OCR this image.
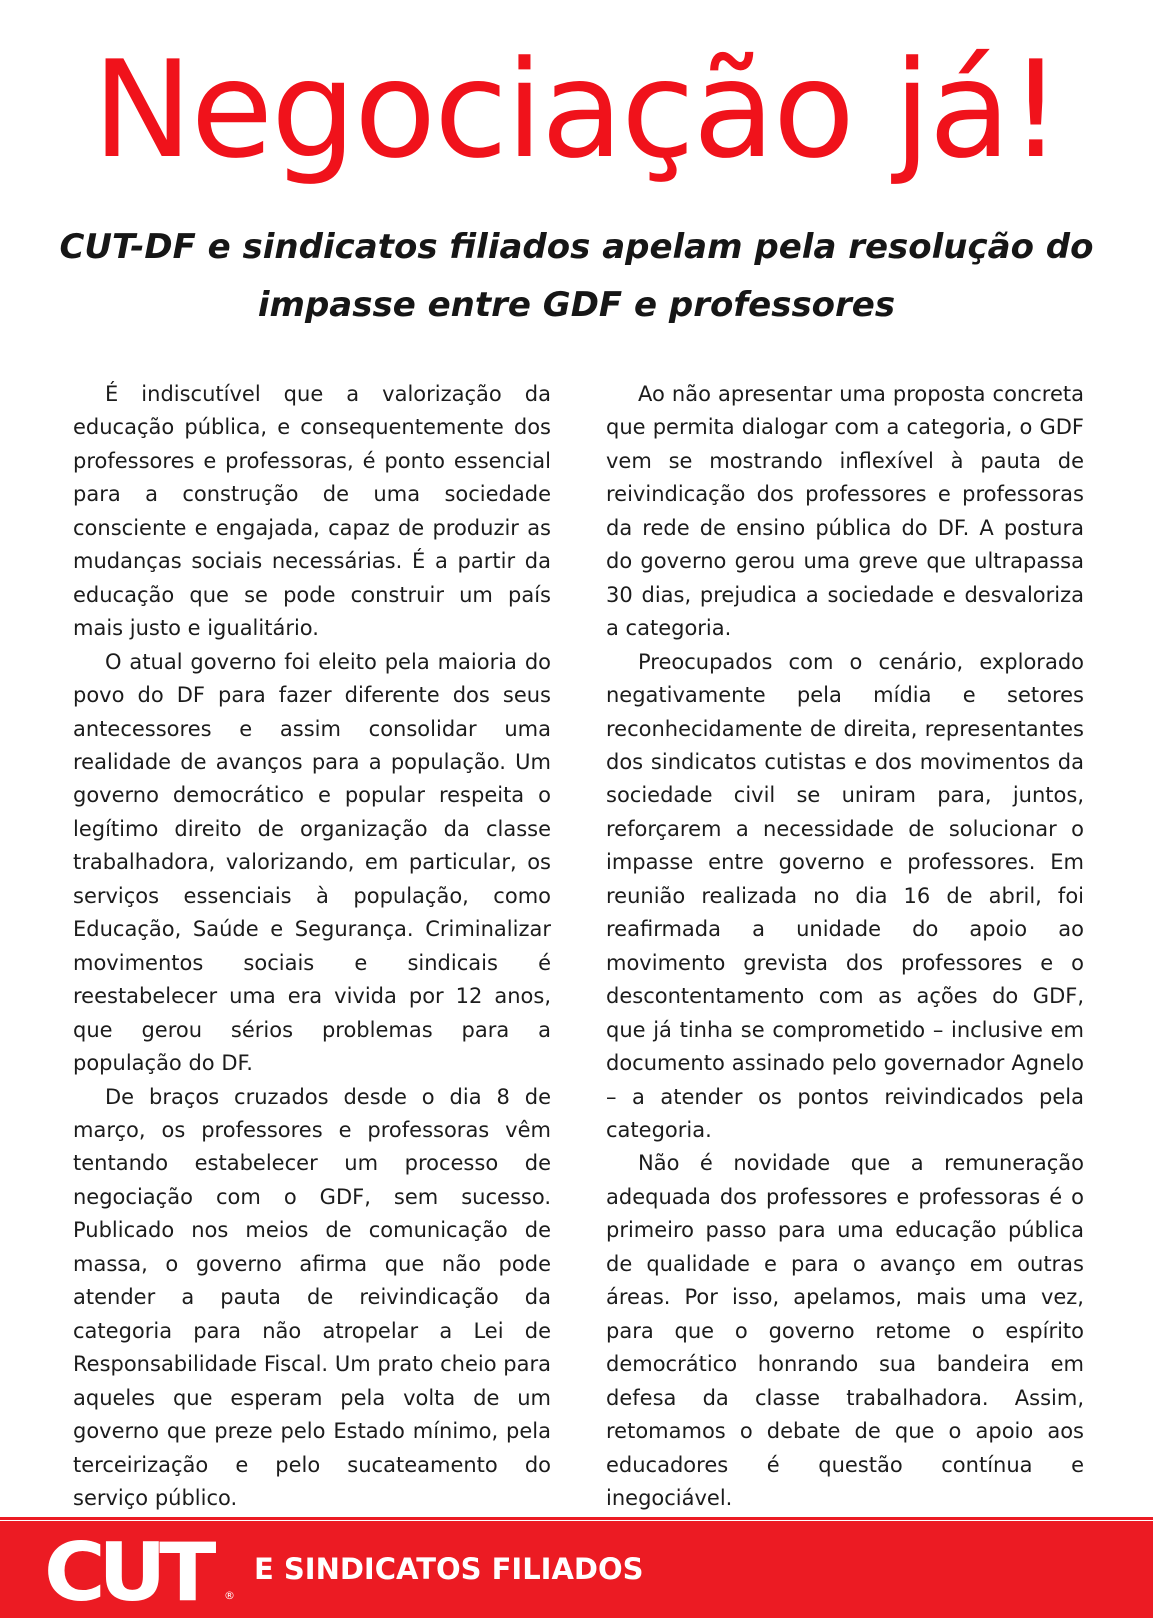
Negociação já!
CUT-DF e sindicatos filiados apelam pela resolução do impasse entre GDF e professores

É indiscutível que a valorização da educação pública, e consequentemente dos professores e professoras, é ponto essencial para a construção de uma sociedade consciente e engajada, capaz de produzir as mudanças sociais necessárias. É a partir da educação que se pode construir um país mais justo e igualitário.

O atual governo foi eleito pela maioria do povo do DF para fazer diferente dos seus antecessores e assim consolidar uma realidade de avanços para a população. Um governo democrático e popular respeita o legítimo direito de organização da classe trabalhadora, valorizando, em particular, os serviços essenciais à população, como Educação, Saúde e Segurança. Criminalizar movimentos sociais e sindicais é reestabelecer uma era vivida por 12 anos, que gerou sérios problemas para a população do DF.

De braços cruzados desde o dia 8 de março, os professores e professoras vêm tentando estabelecer um processo de negociação com o GDF, sem sucesso. Publicado nos meios de comunicação de massa, o governo afirma que não pode atender a pauta de reivindicação da categoria para não atropelar a Lei de Responsabilidade Fiscal. Um prato cheio para aqueles que esperam pela volta de um governo que preze pelo Estado mínimo, pela terceirização e pelo sucateamento do serviço público.

Ao não apresentar uma proposta concreta que permita dialogar com a categoria, o GDF vem se mostrando inflexível à pauta de reivindicação dos professores e professoras da rede de ensino pública do DF. A postura do governo gerou uma greve que ultrapassa 30 dias, prejudica a sociedade e desvaloriza a categoria.

Preocupados com o cenário, explorado negativamente pela mídia e setores reconhecidamente de direita, representantes dos sindicatos cutistas e dos movimentos da sociedade civil se uniram para, juntos, reforçarem a necessidade de solucionar o impasse entre governo e professores. Em reunião realizada no dia 16 de abril, foi reafirmada a unidade do apoio ao movimento grevista dos professores e o descontentamento com as ações do GDF, que já tinha se comprometido – inclusive em documento assinado pelo governador Agnelo – a atender os pontos reivindicados pela categoria.

Não é novidade que a remuneração adequada dos professores e professoras é o primeiro passo para uma educação pública de qualidade e para o avanço em outras áreas. Por isso, apelamos, mais uma vez, para que o governo retome o espírito democrático honrando sua bandeira em defesa da classe trabalhadora. Assim, retomamos o debate de que o apoio aos educadores é questão contínua e inegociável.

CUT ®
E SINDICATOS FILIADOS
